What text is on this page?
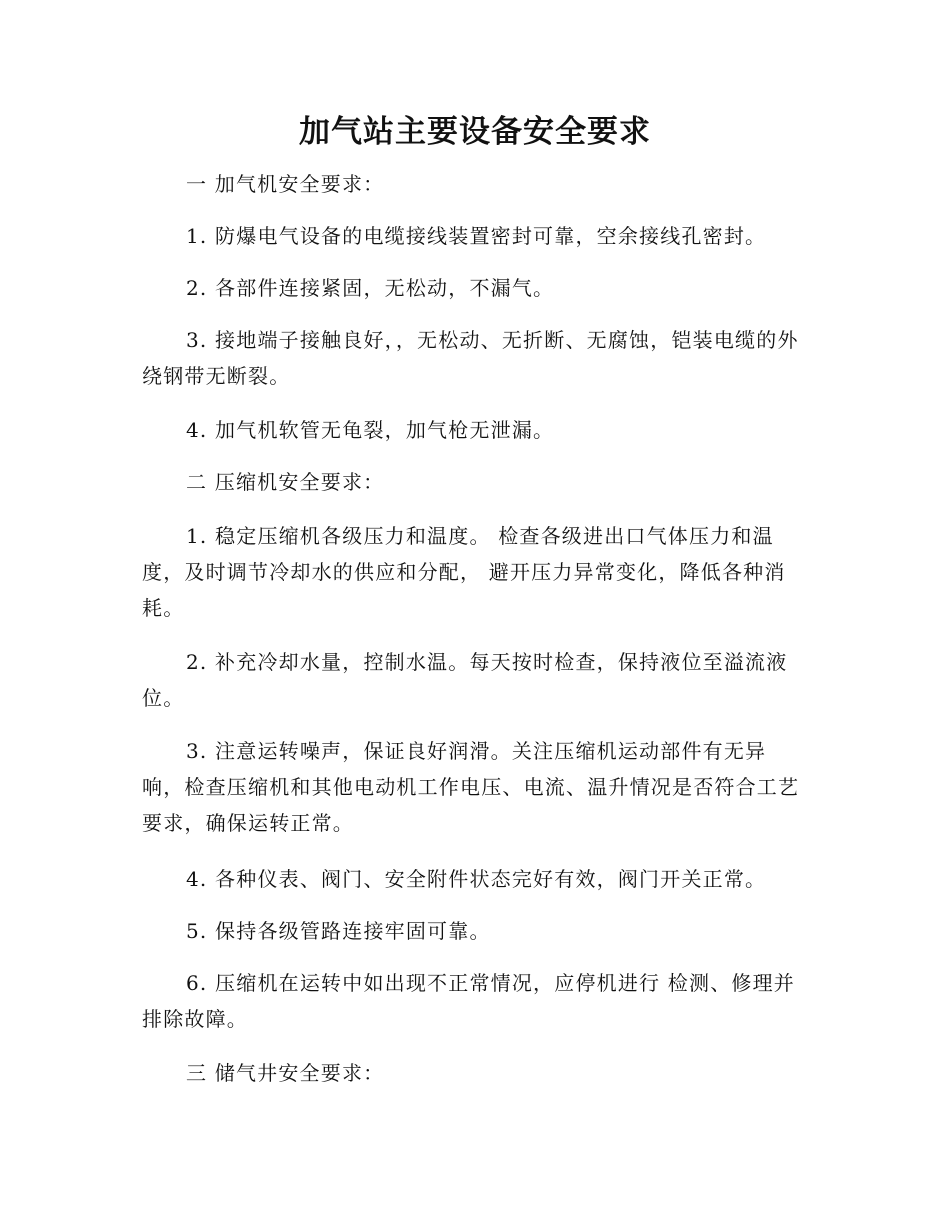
加气站主要设备安全要求

一 加气机安全要求：

1. 防爆电气设备的电缆接线装置密封可靠，空余接线孔密封。

2. 各部件连接紧固，无松动，不漏气。

3. 接地端子接触良好，，无松动、无折断、无腐蚀，铠装电缆的外绕钢带无断裂。

4. 加气机软管无龟裂，加气枪无泄漏。

二 压缩机安全要求：

1. 稳定压缩机各级压力和温度。 检查各级进出口气体压力和温度，及时调节冷却水的供应和分配， 避开压力异常变化，降低各种消耗。

2. 补充冷却水量，控制水温。每天按时检查，保持液位至溢流液位。

3. 注意运转噪声，保证良好润滑。关注压缩机运动部件有无异响，检查压缩机和其他电动机工作电压、电流、温升情况是否符合工艺要求，确保运转正常。

4. 各种仪表、阀门、安全附件状态完好有效，阀门开关正常。

5. 保持各级管路连接牢固可靠。

6. 压缩机在运转中如出现不正常情况，应停机进行 检测、修理并排除故障。

三 储气井安全要求：
